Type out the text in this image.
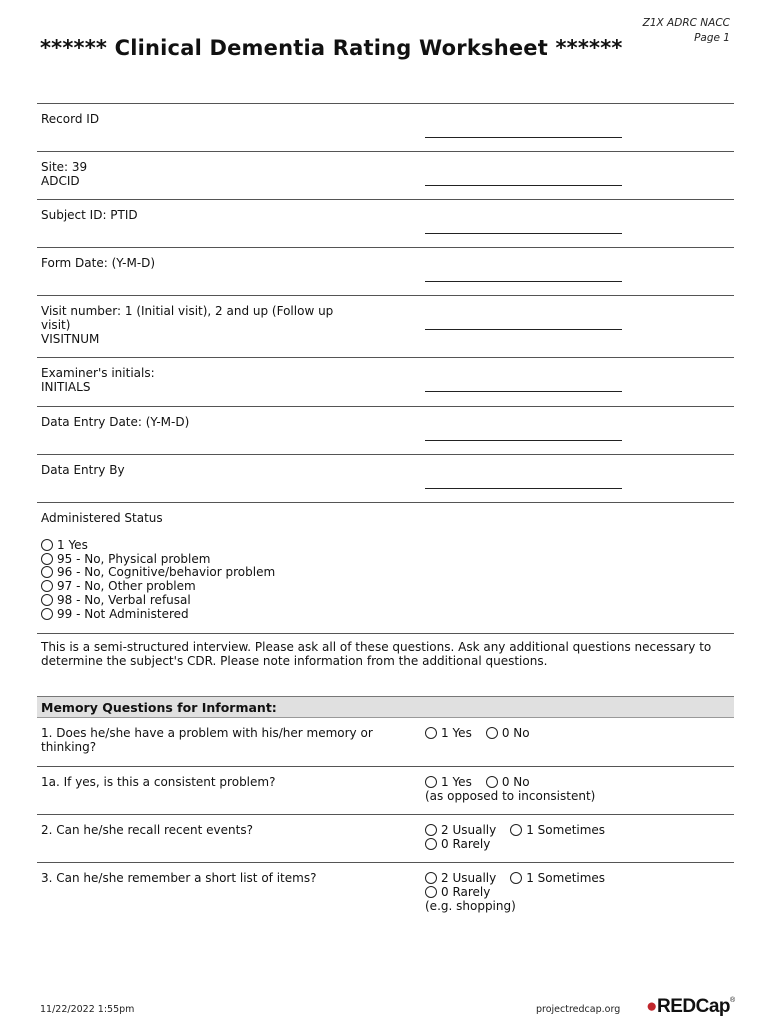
Z1X ADRC NACC
Page 1
****** Clinical Dementia Rating Worksheet ******
Record ID
Site: 39
ADCID
Subject ID: PTID
Form Date: (Y-M-D)
Visit number: 1 (Initial visit), 2 and up (Follow up
visit)
VISITNUM
Examiner's initials:
INITIALS
Data Entry Date: (Y-M-D)
Data Entry By
Administered Status
1 Yes
95 - No, Physical problem
96 - No, Cognitive/behavior problem
97 - No, Other problem
98 - No, Verbal refusal
99 - Not Administered
This is a semi-structured interview. Please ask all of these questions. Ask any additional questions necessary to determine the subject's CDR. Please note information from the additional questions.
Memory Questions for Informant:
1. Does he/she have a problem with his/her memory or thinking?
1 Yes	0 No
1a. If yes, is this a consistent problem?	1 Yes	0 No
(as opposed to inconsistent)
2. Can he/she recall recent events?	2 Usually	1 Sometimes
0 Rarely
3. Can he/she remember a short list of items?	2 Usually	1 Sometimes
0 Rarely
(e.g. shopping)
11/22/2022 1:55pm	projectredcap.org ●REDCap®
